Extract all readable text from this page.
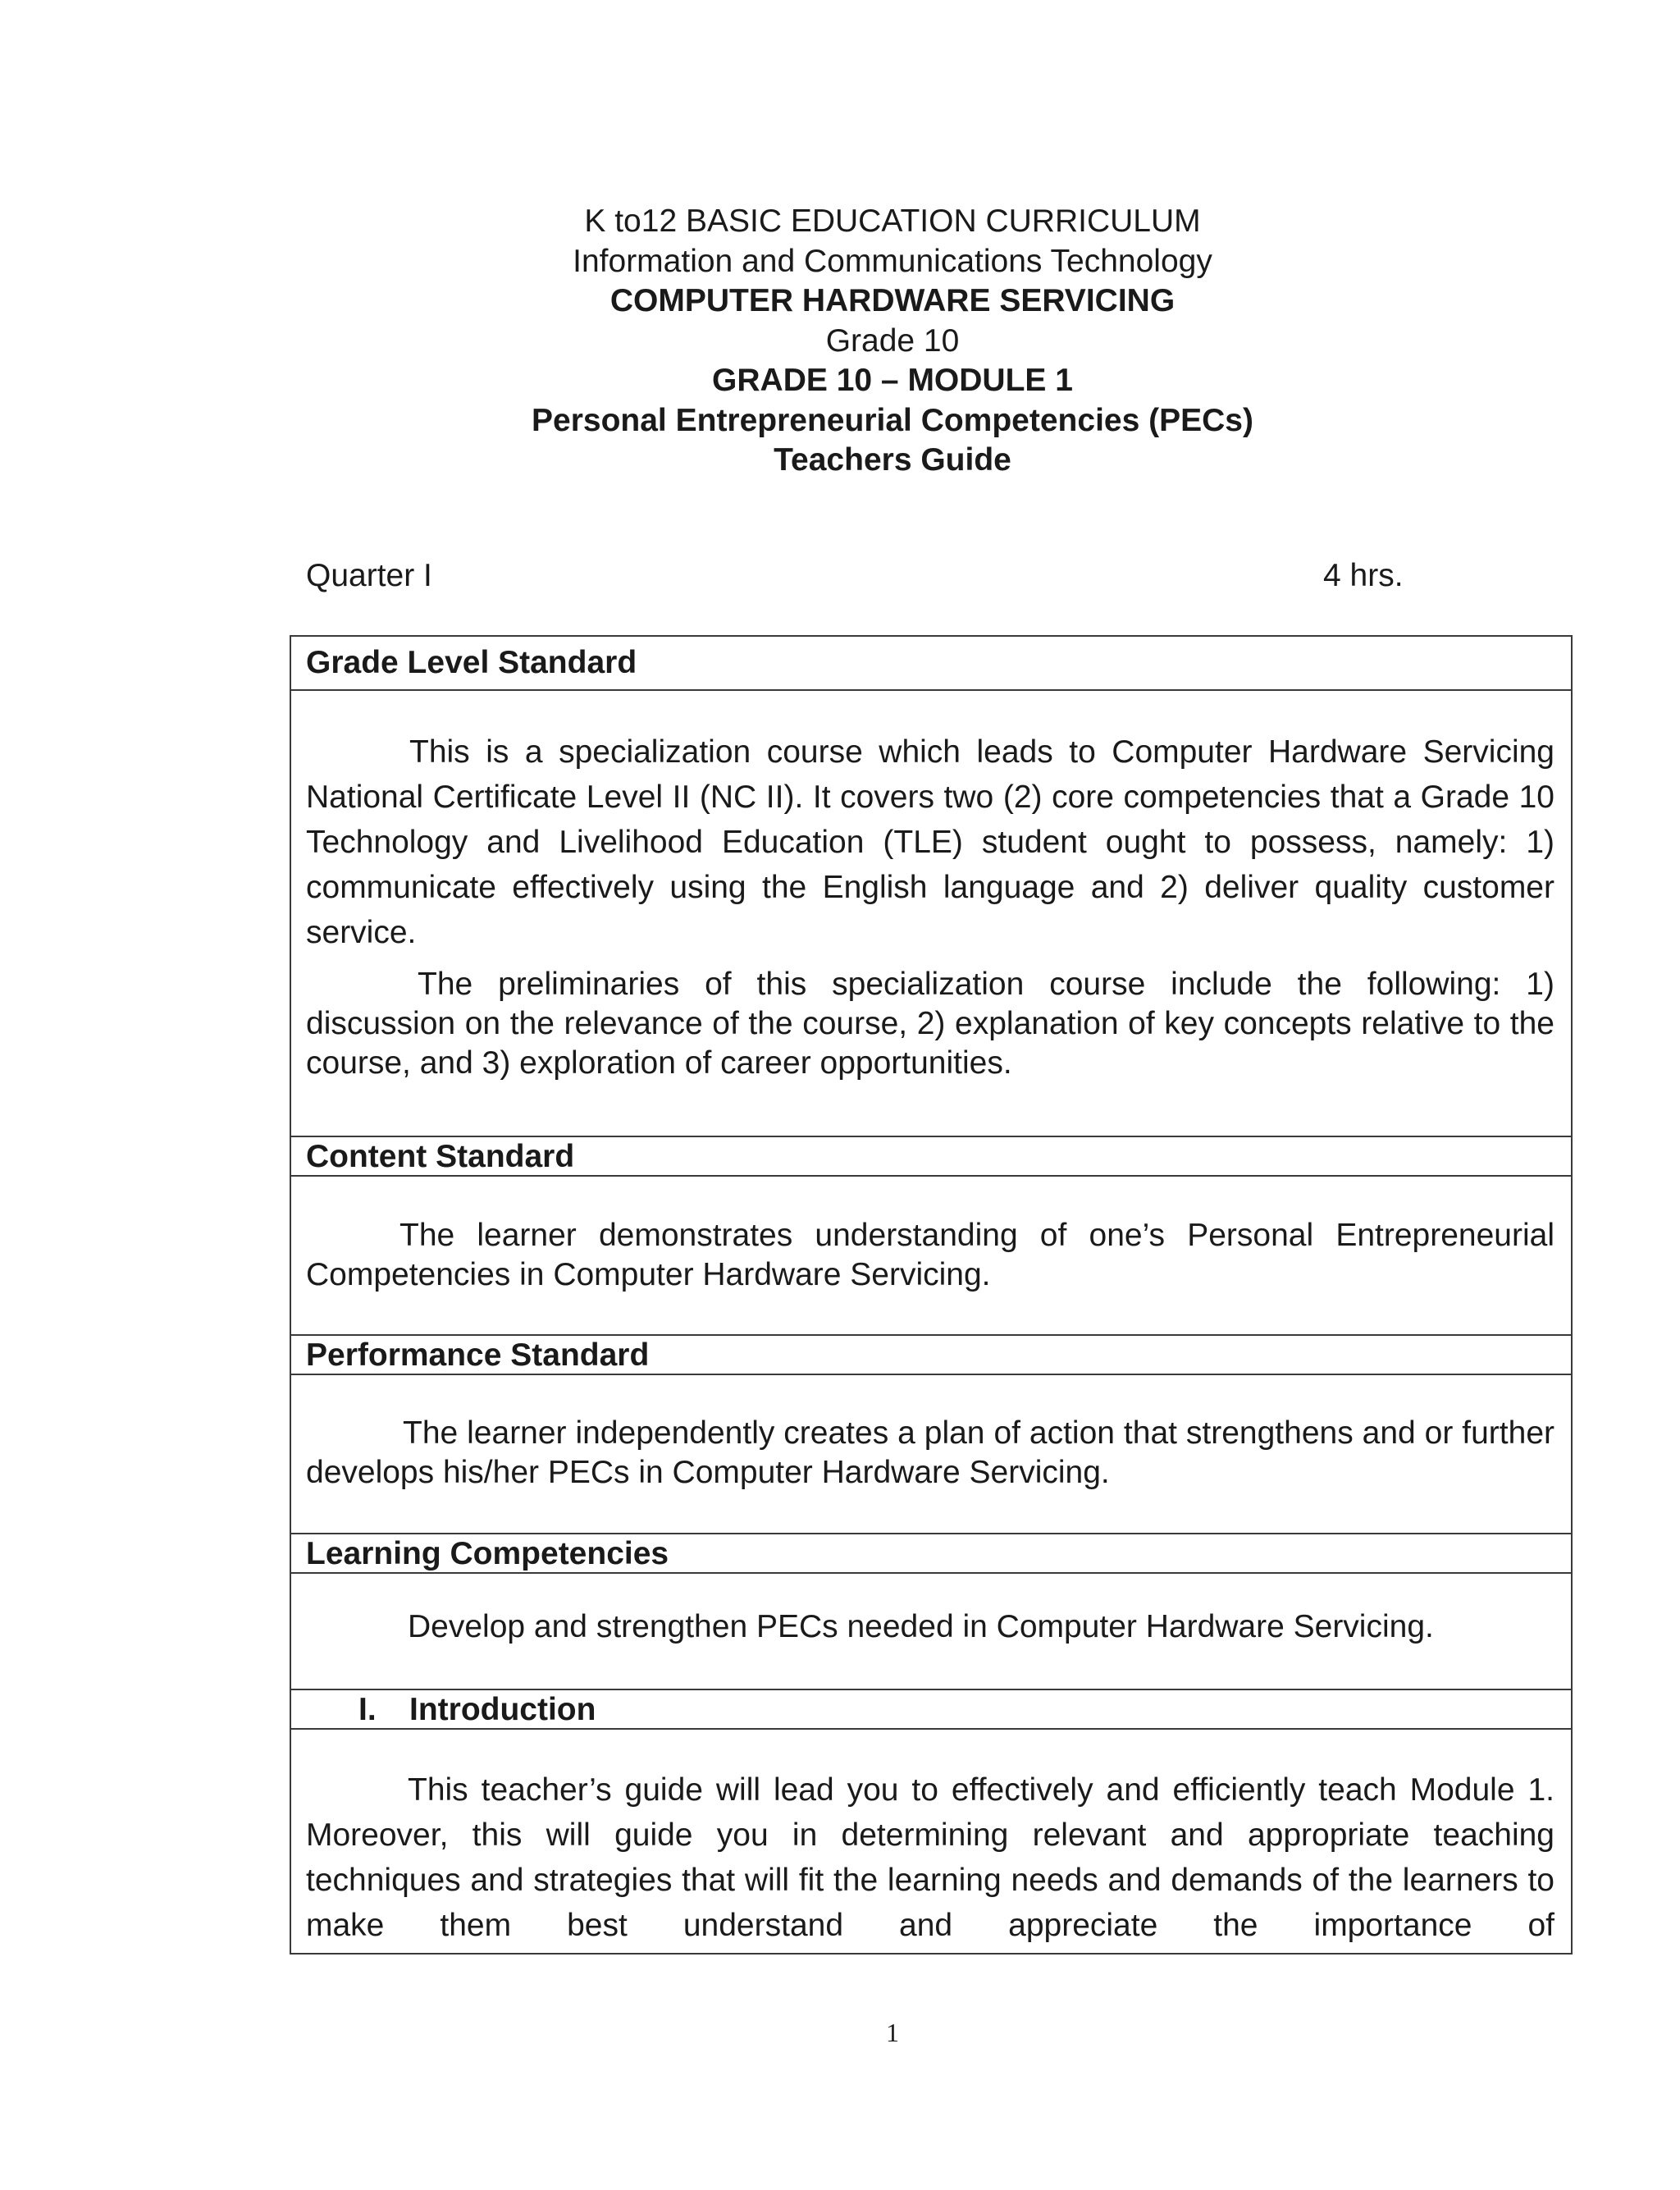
K to12 BASIC EDUCATION CURRICULUM
Information and Communications Technology
COMPUTER HARDWARE SERVICING
Grade 10
GRADE 10 – MODULE 1
Personal Entrepreneurial Competencies (PECs)
Teachers Guide
Quarter I	4 hrs.
Grade Level Standard
This is a specialization course which leads to Computer Hardware Servicing National Certificate Level II (NC II). It covers two (2) core competencies that a Grade 10 Technology and Livelihood Education (TLE) student ought to possess, namely: 1) communicate effectively using the English language and 2) deliver quality customer service.
The preliminaries of this specialization course include the following: 1) discussion on the relevance of the course, 2) explanation of key concepts relative to the course, and 3) exploration of career opportunities.
Content Standard
The learner demonstrates understanding of one’s Personal Entrepreneurial Competencies in Computer Hardware Servicing.
Performance Standard
The learner independently creates a plan of action that strengthens and or further develops his/her PECs in Computer Hardware Servicing.
Learning Competencies
Develop and strengthen PECs needed in Computer Hardware Servicing.
I. Introduction
This teacher’s guide will lead you to effectively and efficiently teach Module 1. Moreover, this will guide you in determining relevant and appropriate teaching techniques and strategies that will fit the learning needs and demands of the learners to make them best understand and appreciate the importance of
1
